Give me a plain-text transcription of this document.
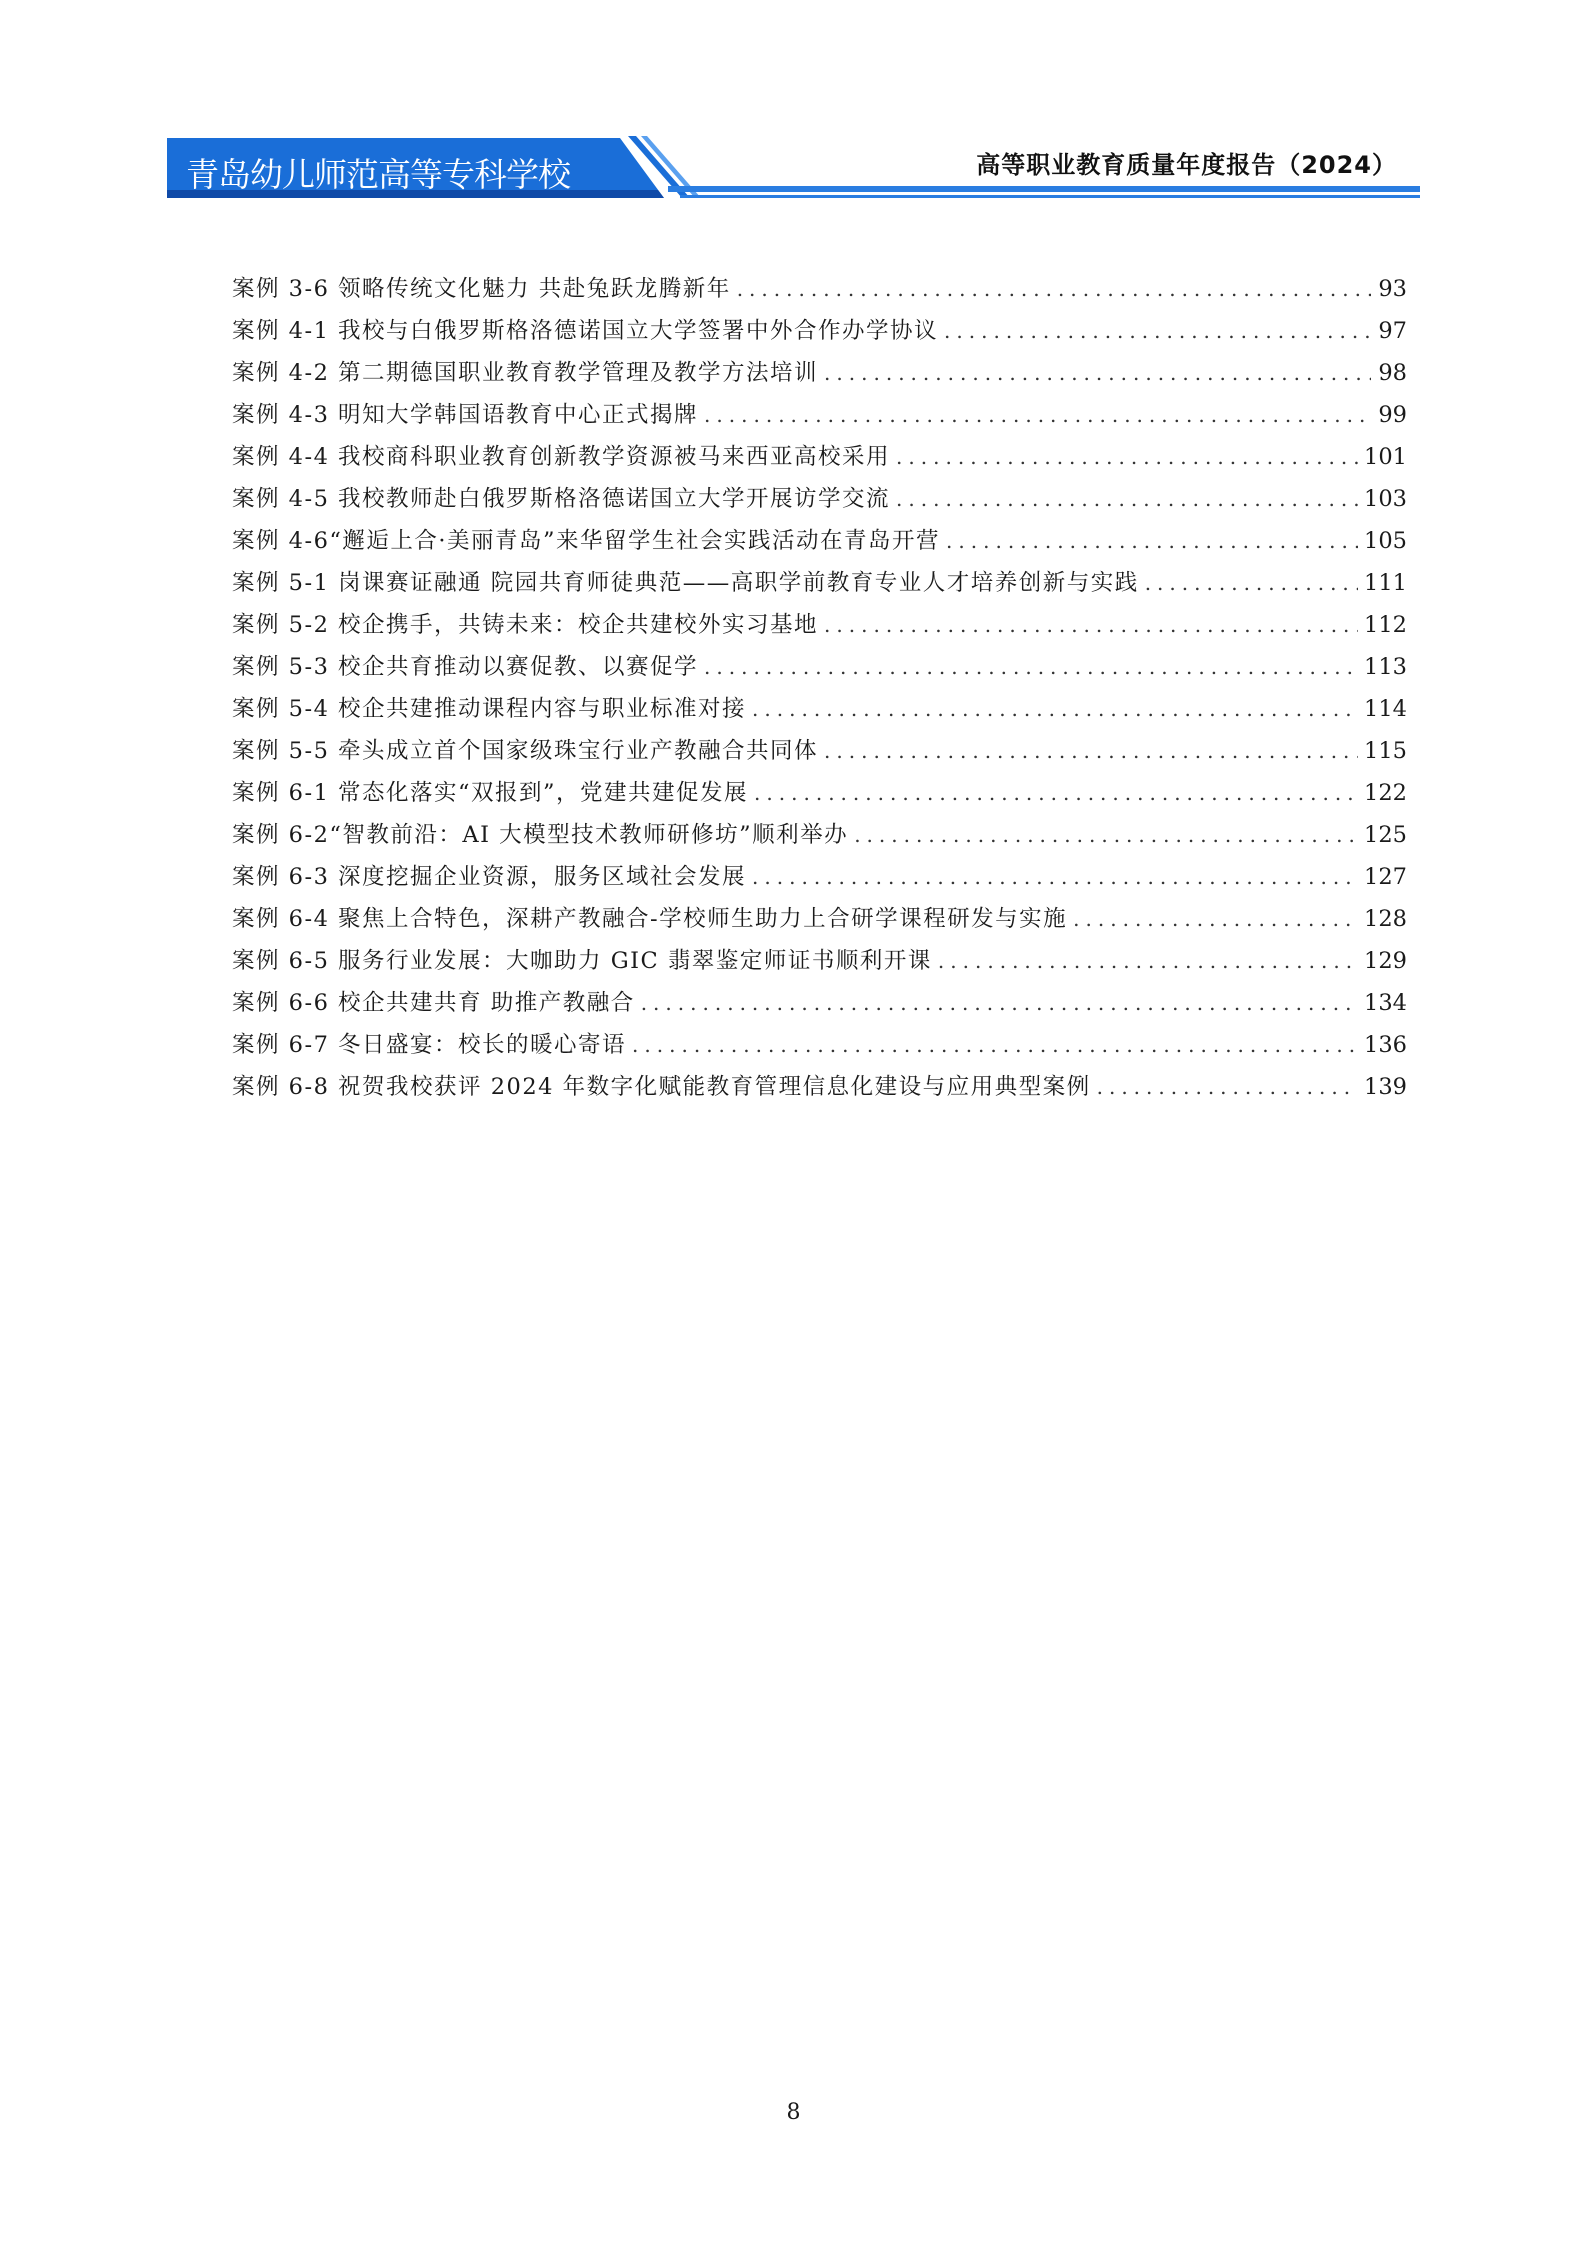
青岛幼儿师范高等专科学校	高等职业教育质量年度报告（2024）
案例 3-6 领略传统文化魅力 共赴兔跃龙腾新年 .....	93
案例 4-1 我校与白俄罗斯格洛德诺国立大学签署中外合作办学协议 .....	97
案例 4-2 第二期德国职业教育教学管理及教学方法培训 .....	98
案例 4-3 明知大学韩国语教育中心正式揭牌 .....	99
案例 4-4 我校商科职业教育创新教学资源被马来西亚高校采用 .....	101
案例 4-5 我校教师赴白俄罗斯格洛德诺国立大学开展访学交流 .....	103
案例 4-6“邂逅上合·美丽青岛”来华留学生社会实践活动在青岛开营 .....	105
案例 5-1 岗课赛证融通 院园共育师徒典范——高职学前教育专业人才培养创新与实践 .....	111
案例 5-2 校企携手，共铸未来：校企共建校外实习基地 .....	112
案例 5-3 校企共育推动以赛促教、以赛促学 .....	113
案例 5-4 校企共建推动课程内容与职业标准对接 .....	114
案例 5-5 牵头成立首个国家级珠宝行业产教融合共同体 .....	115
案例 6-1 常态化落实“双报到”，党建共建促发展 .....	122
案例 6-2“智教前沿：AI 大模型技术教师研修坊”顺利举办 .....	125
案例 6-3 深度挖掘企业资源，服务区域社会发展 .....	127
案例 6-4 聚焦上合特色，深耕产教融合-学校师生助力上合研学课程研发与实施 .....	128
案例 6-5 服务行业发展：大咖助力 GIC 翡翠鉴定师证书顺利开课 .....	129
案例 6-6 校企共建共育 助推产教融合 .....	134
案例 6-7 冬日盛宴：校长的暖心寄语 .....	136
案例 6-8 祝贺我校获评 2024 年数字化赋能教育管理信息化建设与应用典型案例 .....	139
8
